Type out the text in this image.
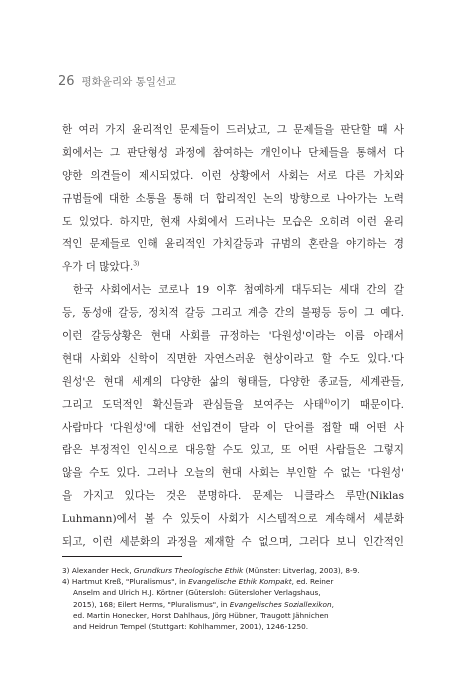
26 평화윤리와 통일선교
한 여러 가지 윤리적인 문제들이 드러났고, 그 문제들을 판단할 때 사
회에서는 그 판단형성 과정에 참여하는 개인이나 단체들을 통해서 다
양한 의견들이 제시되었다. 이런 상황에서 사회는 서로 다른 가치와
규범들에 대한 소통을 통해 더 합리적인 논의 방향으로 나아가는 노력
도 있었다. 하지만, 현재 사회에서 드러나는 모습은 오히려 이런 윤리
적인 문제들로 인해 윤리적인 가치갈등과 규범의 혼란을 야기하는 경
우가 더 많았다.$^{3)}$
한국 사회에서는 코로나 19 이후 첨예하게 대두되는 세대 간의 갈
등, 동성애 갈등, 정치적 갈등 그리고 계층 간의 불평등 등이 그 예다.
이런 갈등상황은 현대 사회를 규정하는 '다원성'이라는 이름 아래서
현대 사회와 신학이 직면한 자연스러운 현상이라고 할 수도 있다.'다
원성'은 현대 세계의 다양한 삶의 형태들, 다양한 종교들, 세계관들,
그리고 도덕적인 확신들과 관심들을 보여주는 사태$^{4)}$이기 때문이다.
사람마다 '다원성'에 대한 선입견이 달라 이 단어를 접할 때 어떤 사
람은 부정적인 인식으로 대응할 수도 있고, 또 어떤 사람들은 그렇지
않을 수도 있다. 그러나 오늘의 현대 사회는 부인할 수 없는 '다원성'
을 가지고 있다는 것은 분명하다. 문제는 니클라스 루만(Niklas
Luhmann)에서 볼 수 있듯이 사회가 시스템적으로 계속해서 세분화
되고, 이런 세분화의 과정을 제재할 수 없으며, 그러다 보니 인간적인
3) Alexander Heck, Grundkurs Theologische Ethik (Münster: Litverlag, 2003), 8-9.
4) Hartmut Kreß, "Pluralismus", in Evangelische Ethik Kompakt, ed. Reiner
Anselm and Ulrich H.J. Körtner (Gütersloh: Gütersloher Verlagshaus,
2015), 168; Eilert Herms, "Pluralismus", in Evangelisches Soziallexikon,
ed. Martin Honecker, Horst Dahlhaus, Jörg Hübner, Traugott Jähnichen
and Heidrun Tempel (Stuttgart: Kohlhammer, 2001), 1246-1250.
